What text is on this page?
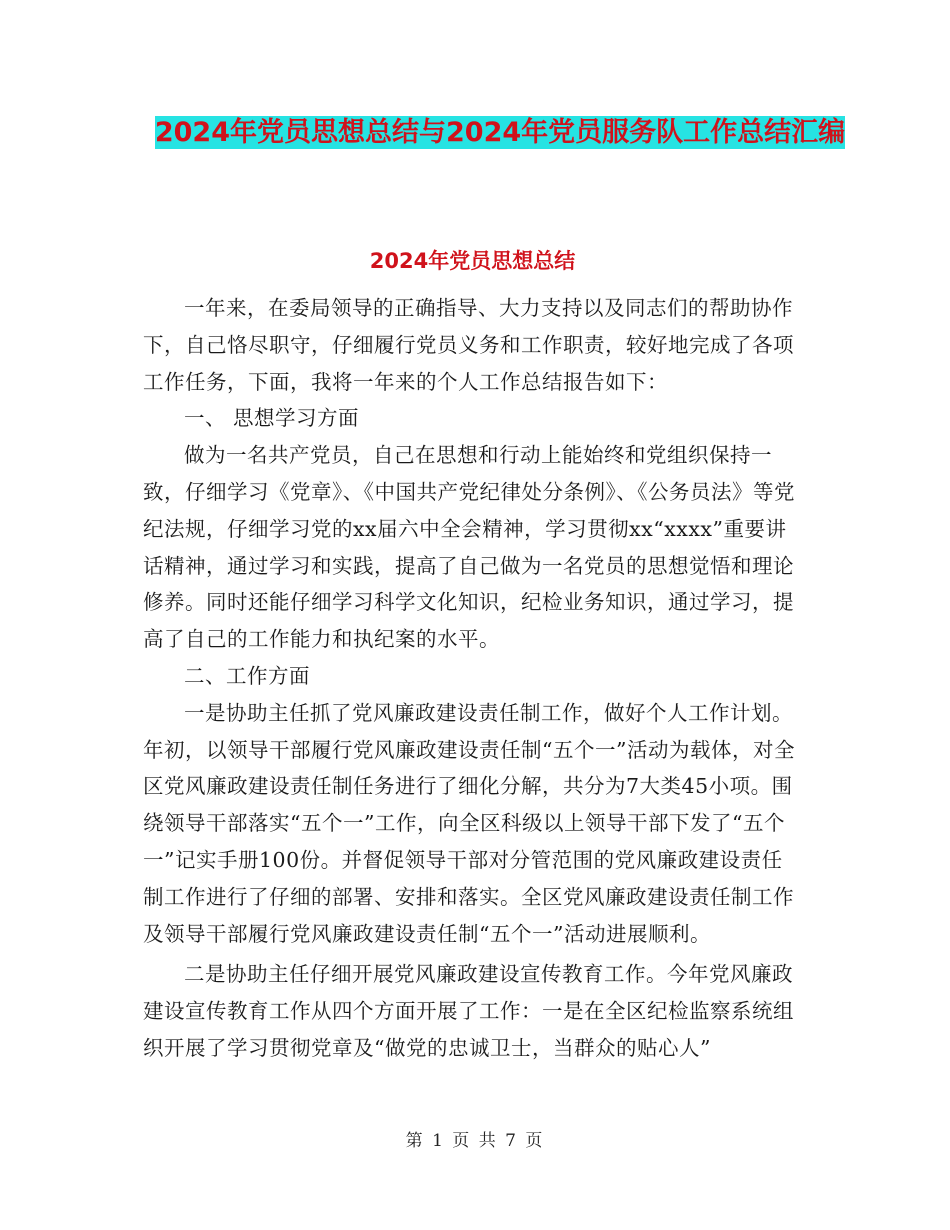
2024年党员思想总结与2024年党员服务队工作总结汇编
2024年党员思想总结

一年来，在委局领导的正确指导、大力支持以及同志们的帮助协作下，自己恪尽职守，仔细履行党员义务和工作职责，较好地完成了各项工作任务，下面，我将一年来的个人工作总结报告如下：

一、 思想学习方面

做为一名共产党员，自己在思想和行动上能始终和党组织保持一致，仔细学习《党章》、《中国共产党纪律处分条例》、《公务员法》等党纪法规，仔细学习党的xx届六中全会精神，学习贯彻xx“xxxx”重要讲话精神，通过学习和实践，提高了自己做为一名党员的思想觉悟和理论修养。同时还能仔细学习科学文化知识，纪检业务知识，通过学习，提高了自己的工作能力和执纪案的水平。

二、工作方面

一是协助主任抓了党风廉政建设责任制工作，做好个人工作计划。年初，以领导干部履行党风廉政建设责任制“五个一”活动为载体，对全区党风廉政建设责任制任务进行了细化分解，共分为7大类45小项。围绕领导干部落实“五个一”工作，向全区科级以上领导干部下发了“五个一”记实手册100份。并督促领导干部对分管范围的党风廉政建设责任制工作进行了仔细的部署、安排和落实。全区党风廉政建设责任制工作及领导干部履行党风廉政建设责任制“五个一”活动进展顺利。

二是协助主任仔细开展党风廉政建设宣传教育工作。今年党风廉政建设宣传教育工作从四个方面开展了工作：一是在全区纪检监察系统组织开展了学习贯彻党章及“做党的忠诚卫士，当群众的贴心人”

第 1 页 共 7 页
